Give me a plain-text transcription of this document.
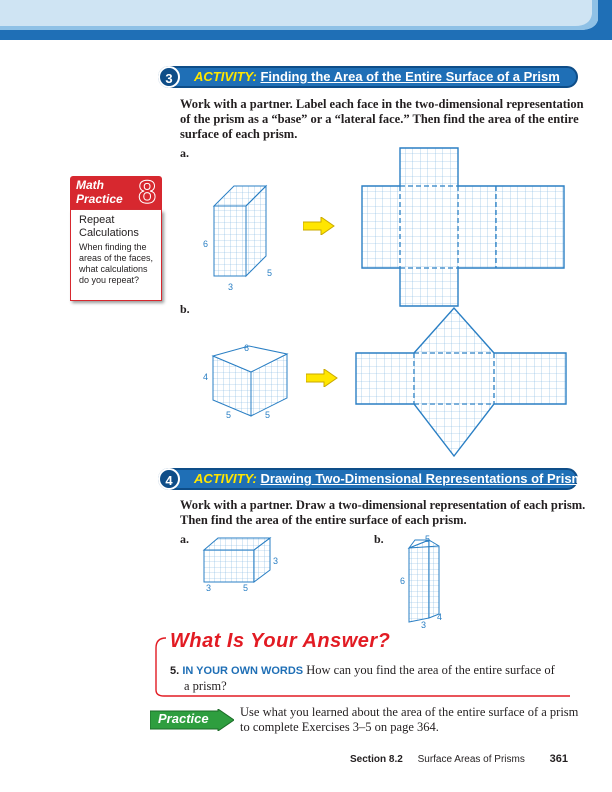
3	ACTIVITY: Finding the Area of the Entire Surface of a Prism
Work with a partner. Label each face in the two-dimensional representation
of the prism as a “base” or a “lateral face.” Then find the area of the entire
surface of each prism.
a.
Math
Practice 8
Repeat
Calculations
When finding the areas of the faces, what calculations do you repeat?
6
5
3
b.
6
4
5	5
4	ACTIVITY: Drawing Two-Dimensional Representations of Prisms
Work with a partner. Draw a two-dimensional representation of each prism.
Then find the area of the entire surface of each prism.
a.	b.
3
3	5
5
6
3
4
What Is Your Answer?
5. IN YOUR OWN WORDS How can you find the area of the entire surface of
a prism?
Practice	Use what you learned about the area of the entire surface of a prism
to complete Exercises 3–5 on page 364.
Section 8.2 Surface Areas of Prisms 361
